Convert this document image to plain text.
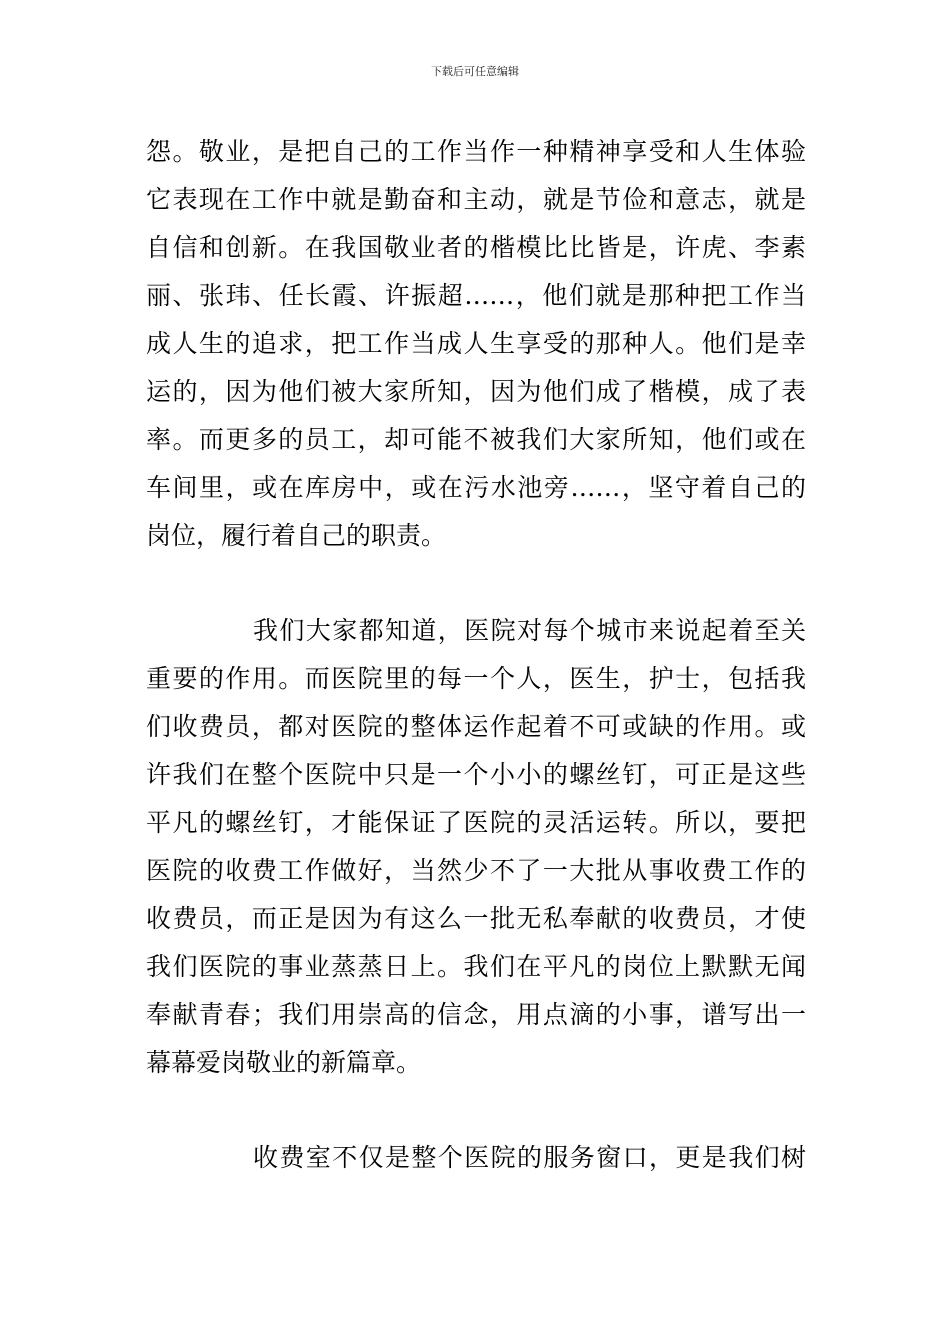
下载后可任意编辑
怨。敬业，是把自己的工作当作一种精神享受和人生体验
它表现在工作中就是勤奋和主动，就是节俭和意志，就是
自信和创新。在我国敬业者的楷模比比皆是，许虎、李素
丽、张玮、任长霞、许振超……，他们就是那种把工作当
成人生的追求，把工作当成人生享受的那种人。他们是幸
运的，因为他们被大家所知，因为他们成了楷模，成了表
率。而更多的员工，却可能不被我们大家所知，他们或在
车间里，或在库房中，或在污水池旁……，坚守着自己的
岗位，履行着自己的职责。
我们大家都知道，医院对每个城市来说起着至关
重要的作用。而医院里的每一个人，医生，护士，包括我
们收费员，都对医院的整体运作起着不可或缺的作用。或
许我们在整个医院中只是一个小小的螺丝钉，可正是这些
平凡的螺丝钉，才能保证了医院的灵活运转。所以，要把
医院的收费工作做好，当然少不了一大批从事收费工作的
收费员，而正是因为有这么一批无私奉献的收费员，才使
我们医院的事业蒸蒸日上。我们在平凡的岗位上默默无闻
奉献青春；我们用崇高的信念，用点滴的小事，谱写出一
幕幕爱岗敬业的新篇章。
收费室不仅是整个医院的服务窗口，更是我们树
